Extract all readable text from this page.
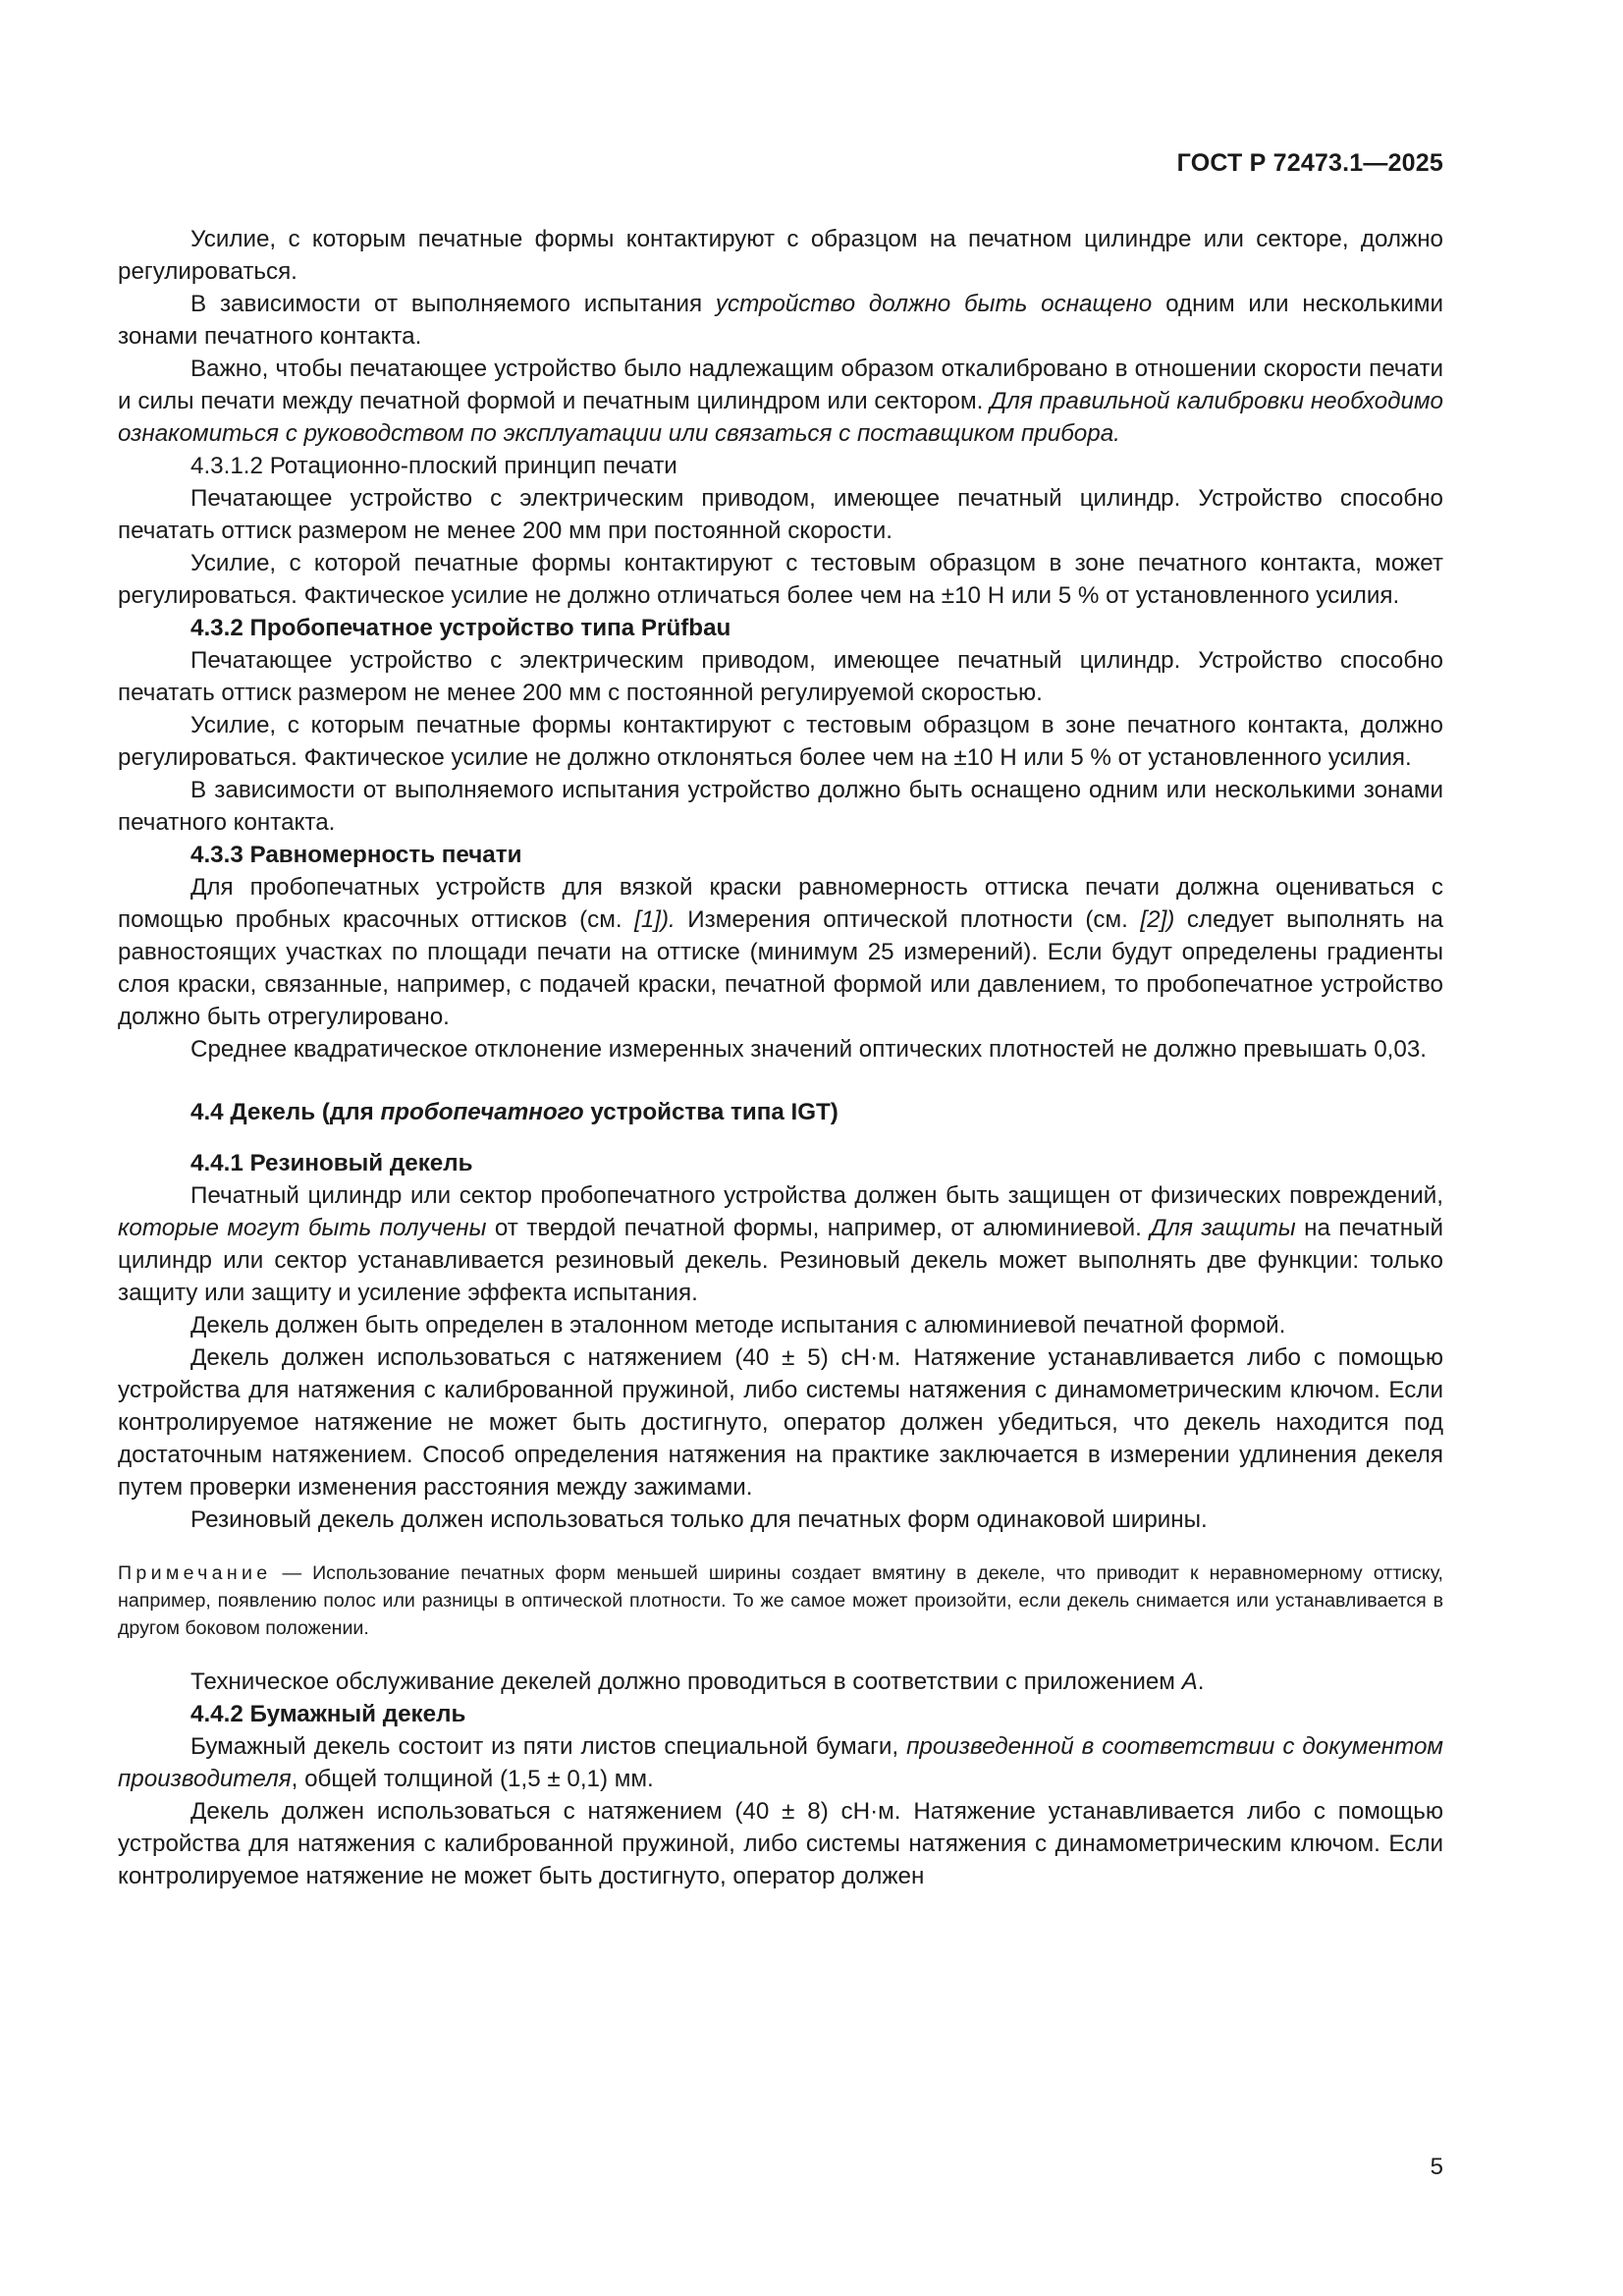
ГОСТ Р 72473.1—2025

Усилие, с которым печатные формы контактируют с образцом на печатном цилиндре или секторе, должно регулироваться.

В зависимости от выполняемого испытания устройство должно быть оснащено одним или несколькими зонами печатного контакта.

Важно, чтобы печатающее устройство было надлежащим образом откалибровано в отношении скорости печати и силы печати между печатной формой и печатным цилиндром или сектором. Для правильной калибровки необходимо ознакомиться с руководством по эксплуатации или связаться с поставщиком прибора.

4.3.1.2 Ротационно-плоский принцип печати

Печатающее устройство с электрическим приводом, имеющее печатный цилиндр. Устройство способно печатать оттиск размером не менее 200 мм при постоянной скорости.

Усилие, с которой печатные формы контактируют с тестовым образцом в зоне печатного контакта, может регулироваться. Фактическое усилие не должно отличаться более чем на ±10 Н или 5 % от установленного усилия.

4.3.2 Пробопечатное устройство типа Prüfbau

Печатающее устройство с электрическим приводом, имеющее печатный цилиндр. Устройство способно печатать оттиск размером не менее 200 мм с постоянной регулируемой скоростью.

Усилие, с которым печатные формы контактируют с тестовым образцом в зоне печатного контакта, должно регулироваться. Фактическое усилие не должно отклоняться более чем на ±10 Н или 5 % от установленного усилия.

В зависимости от выполняемого испытания устройство должно быть оснащено одним или несколькими зонами печатного контакта.

4.3.3 Равномерность печати

Для пробопечатных устройств для вязкой краски равномерность оттиска печати должна оцениваться с помощью пробных красочных оттисков (см. [1]). Измерения оптической плотности (см. [2]) следует выполнять на равностоящих участках по площади печати на оттиске (минимум 25 измерений). Если будут определены градиенты слоя краски, связанные, например, с подачей краски, печатной формой или давлением, то пробопечатное устройство должно быть отрегулировано.

Среднее квадратическое отклонение измеренных значений оптических плотностей не должно превышать 0,03.

4.4 Декель (для пробопечатного устройства типа IGT)

4.4.1 Резиновый декель

Печатный цилиндр или сектор пробопечатного устройства должен быть защищен от физических повреждений, которые могут быть получены от твердой печатной формы, например, от алюминиевой. Для защиты на печатный цилиндр или сектор устанавливается резиновый декель. Резиновый декель может выполнять две функции: только защиту или защиту и усиление эффекта испытания.

Декель должен быть определен в эталонном методе испытания с алюминиевой печатной формой.

Декель должен использоваться с натяжением (40 ± 5) сН·м. Натяжение устанавливается либо с помощью устройства для натяжения с калиброванной пружиной, либо системы натяжения с динамометрическим ключом. Если контролируемое натяжение не может быть достигнуто, оператор должен убедиться, что декель находится под достаточным натяжением. Способ определения натяжения на практике заключается в измерении удлинения декеля путем проверки изменения расстояния между зажимами.

Резиновый декель должен использоваться только для печатных форм одинаковой ширины.

Примечание — Использование печатных форм меньшей ширины создает вмятину в декеле, что приводит к неравномерному оттиску, например, появлению полос или разницы в оптической плотности. То же самое может произойти, если декель снимается или устанавливается в другом боковом положении.

Техническое обслуживание декелей должно проводиться в соответствии с приложением А.

4.4.2 Бумажный декель

Бумажный декель состоит из пяти листов специальной бумаги, произведенной в соответствии с документом производителя, общей толщиной (1,5 ± 0,1) мм.

Декель должен использоваться с натяжением (40 ± 8) сН·м. Натяжение устанавливается либо с помощью устройства для натяжения с калиброванной пружиной, либо системы натяжения с динамометрическим ключом. Если контролируемое натяжение не может быть достигнуто, оператор должен

5
